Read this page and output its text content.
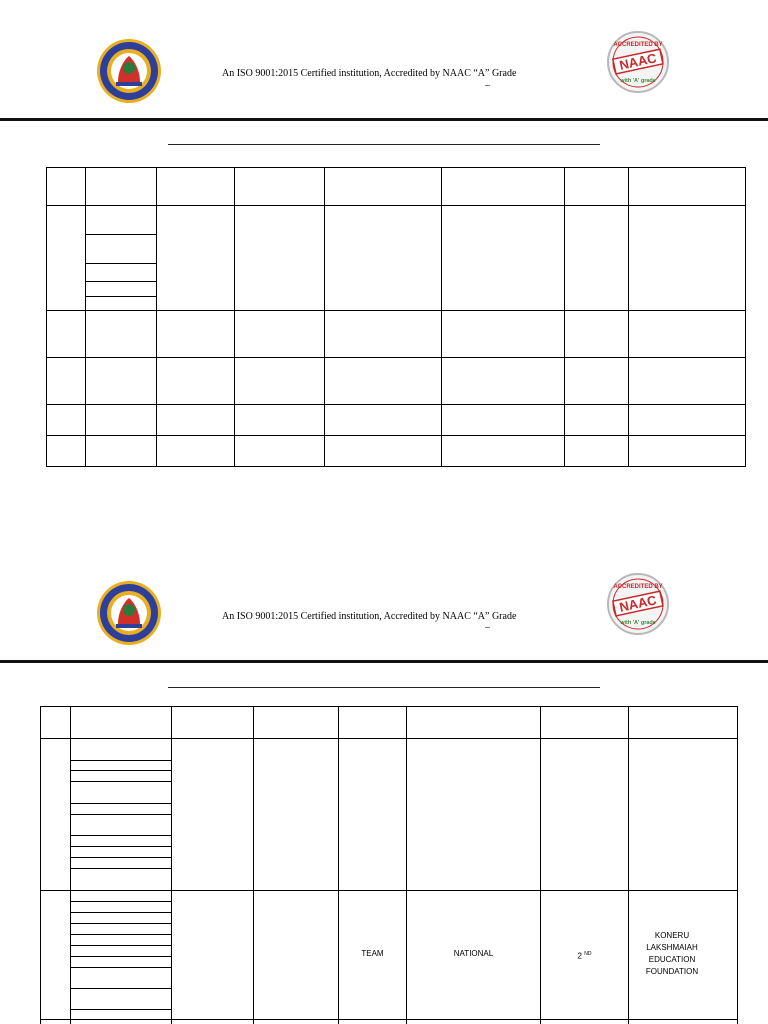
An ISO 9001:2015 Certified institution, Accredited by NAAC “A” Grade
–
ACCREDITED BY
NAAC
with 'A' grade
An ISO 9001:2015 Certified institution, Accredited by NAAC “A” Grade
–
ACCREDITED BY
NAAC
with 'A' grade
TEAM	NATIONAL	2 $^{ND}$
KONERU LAKSHMAIAH EDUCATION FOUNDATION
